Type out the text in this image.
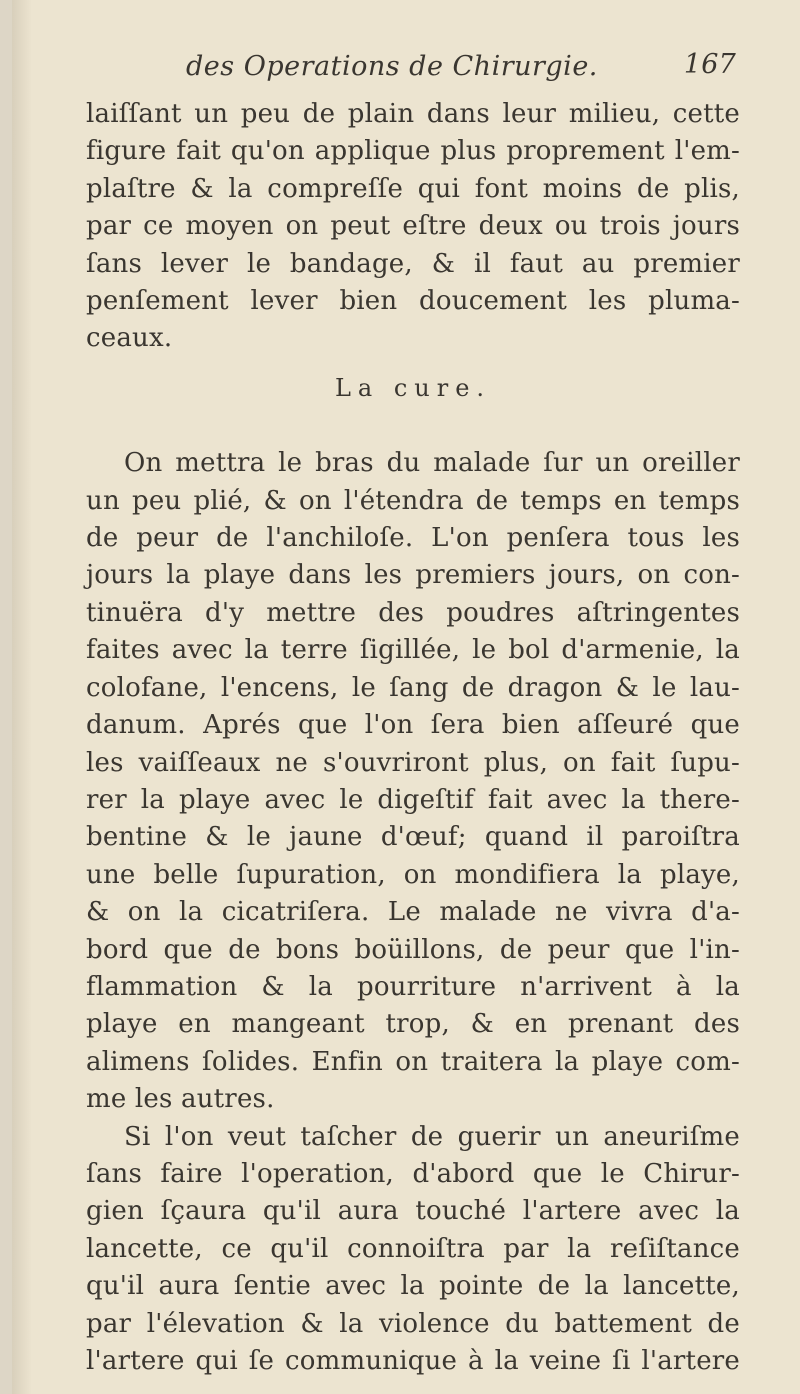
des Operations de Chirurgie.	167
laiſſant un peu de plain dans leur milieu, cette
figure fait qu'on applique plus proprement l'em-
plaſtre & la compreſſe qui font moins de plis,
par ce moyen on peut eſtre deux ou trois jours
ſans lever le bandage, & il faut au premier
penſement lever bien doucement les pluma-
ceaux.
La cure.
On mettra le bras du malade ſur un oreiller
un peu plié, & on l'étendra de temps en temps
de peur de l'anchiloſe. L'on penſera tous les
jours la playe dans les premiers jours, on con-
tinuëra d'y mettre des poudres aſtringentes
faites avec la terre ſigillée, le bol d'armenie, la
colofane, l'encens, le ſang de dragon & le lau-
danum. Aprés que l'on ſera bien aſſeuré que
les vaiſſeaux ne s'ouvriront plus, on fait ſupu-
rer la playe avec le digeſtif fait avec la there-
bentine & le jaune d'œuf; quand il paroiſtra
une belle ſupuration, on mondifiera la playe,
& on la cicatriſera. Le malade ne vivra d'a-
bord que de bons boüillons, de peur que l'in-
flammation & la pourriture n'arrivent à la
playe en mangeant trop, & en prenant des
alimens ſolides. Enfin on traitera la playe com-
me les autres.
Si l'on veut taſcher de guerir un aneuriſme
ſans faire l'operation, d'abord que le Chirur-
gien ſçaura qu'il aura touché l'artere avec la
lancette, ce qu'il connoiſtra par la reſiſtance
qu'il aura ſentie avec la pointe de la lancette,
par l'élevation & la violence du battement de
l'artere qui ſe communique à la veine ſi l'artere
